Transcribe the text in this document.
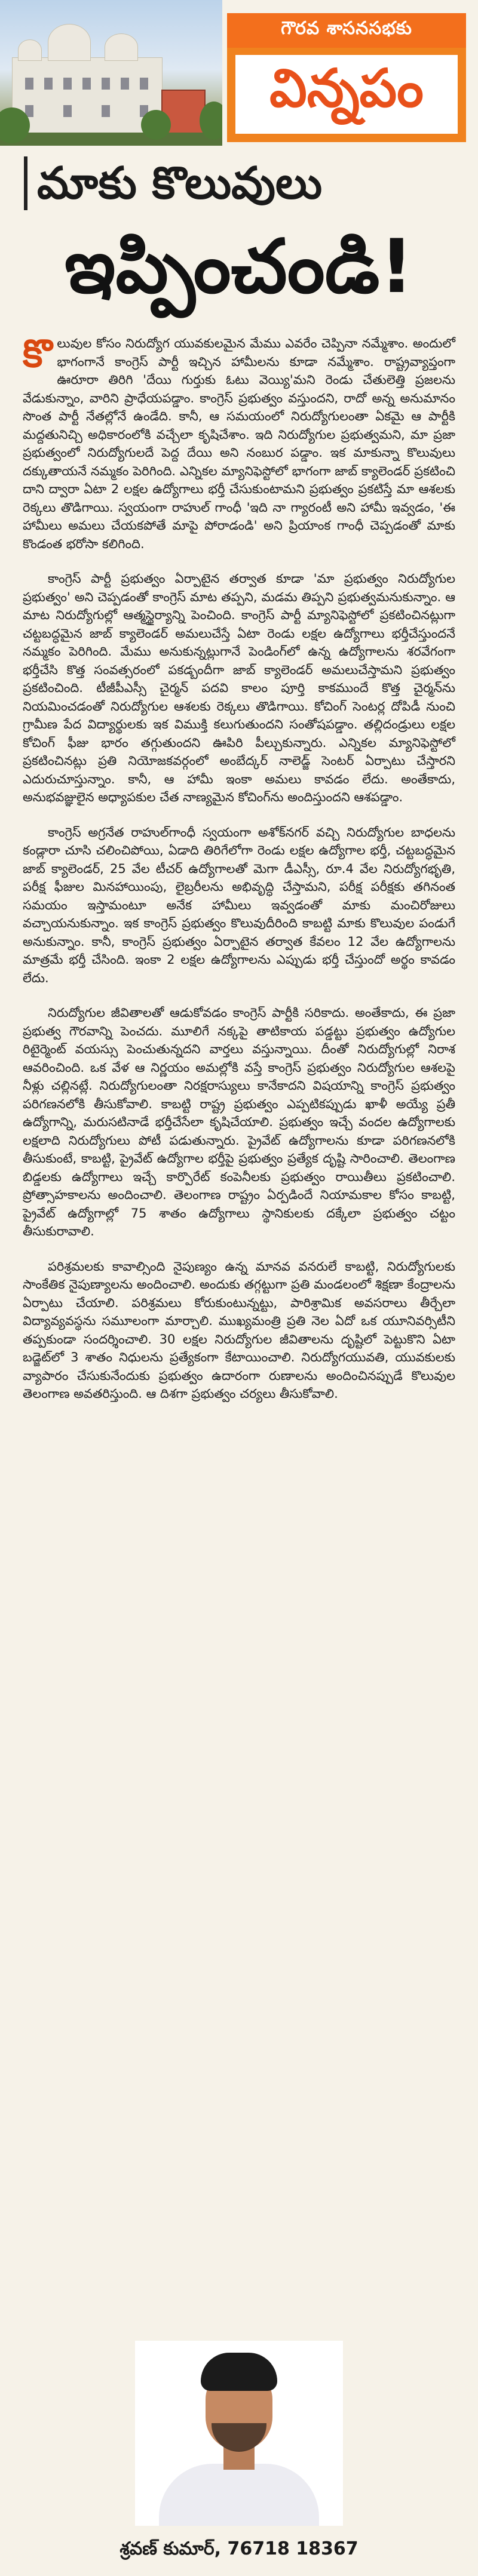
గౌరవ శాసనసభకు
విన్నపం
మాకు కొలువులు
ఇప్పించండి!

కొలువుల కోసం నిరుద్యోగ యువకులమైన మేము ఎవరేం చెప్పినా నమ్మేశాం. అందులో భాగంగానే కాంగ్రెస్ పార్టీ ఇచ్చిన హామీలను కూడా నమ్మేశాం. రాష్ట్రవ్యాప్తంగా ఊరూరా తిరిగి 'దేయి గుర్తుకు ఓటు వెయ్యి'మని రెండు చేతులెత్తి ప్రజలను వేడుకున్నాం, వారిని ప్రాధేయపడ్డాం. కాంగ్రెస్ ప్రభుత్వం వస్తుందని, రాదో అన్న అనుమానం సొంత పార్టీ నేతల్లోనే ఉండేది. కానీ, ఆ సమయంలో నిరుద్యోగులంతా ఏకమై ఆ పార్టీకి మద్దతునిచ్చి అధికారంలోకి వచ్చేలా కృషిచేశాం. ఇది నిరుద్యోగుల ప్రభుత్వమని, మా ప్రజా ప్రభుత్వంలో నిరుద్యోగులదే పెద్ద దేయి అని నంబుర పడ్డాం. ఇక మాకున్నా కొలువులు దక్కుతాయనే నమ్మకం పెరిగింది. ఎన్నికల మ్యానిఫెస్టోలో భాగంగా జాబ్ క్యాలెండర్ ప్రకటించి దాని ద్వారా ఏటా 2 లక్షల ఉద్యోగాలు భర్తీ చేసుకుంటామని ప్రభుత్వం ప్రకటిస్తే మా ఆశలకు రెక్కలు తొడిగాయి. స్వయంగా రాహుల్ గాంధీ 'ఇది నా గ్యారంటీ అని హామీ ఇవ్వడం, 'ఈ హామీలు అమలు చేయకపోతే మాపై పోరాడండి' అని ప్రియాంక గాంధీ చెప్పడంతో మాకు కొండంత భరోసా కలిగింది.

కాంగ్రెస్ పార్టీ ప్రభుత్వం ఏర్పాటైన తర్వాత కూడా 'మా ప్రభుత్వం నిరుద్యోగుల ప్రభుత్వం' అని చెప్పడంతో కాంగ్రెస్ మాట తప్పని, మడమ తిప్పని ప్రభుత్వమనుకున్నాం. ఆ మాట నిరుద్యోగుల్లో ఆత్మస్థైర్యాన్ని పెంచింది. కాంగ్రెస్ పార్టీ మ్యానిఫెస్టోలో ప్రకటించినట్లుగా చట్టబద్ధమైన జాబ్ క్యాలెండర్ అమలుచేస్తే ఏటా రెండు లక్షల ఉద్యోగాలు భర్తీచేస్తుందనే నమ్మకం పెరిగింది. మేము అనుకున్నట్లుగానే పెండింగ్‌లో ఉన్న ఉద్యోగాలను శరవేగంగా భర్తీచేసి కొత్త సంవత్సరంలో పకడ్బందీగా జాబ్ క్యాలెండర్ అమలుచేస్తామని ప్రభుత్వం ప్రకటించింది. టీజీపీఎస్సీ చైర్మన్ పదవి కాలం పూర్తి కాకముందే కొత్త చైర్మన్‌ను నియమించడంతో నిరుద్యోగుల ఆశలకు రెక్కలు తొడిగాయి. కోచింగ్ సెంటర్ల దోపిడీ నుంచి గ్రామీణ పేద విద్యార్థులకు ఇక విముక్తి కలుగుతుందని సంతోషపడ్డాం. తల్లిదండ్రులు లక్షల కోచింగ్ ఫీజు భారం తగ్గుతుందని ఊపిరి పీల్చుకున్నారు. ఎన్నికల మ్యానిఫెస్టోలో ప్రకటించినట్లు ప్రతి నియోజకవర్గంలో అంబేద్కర్ నాలెడ్జ్ సెంటర్ ఏర్పాటు చేస్తారని ఎదురుచూస్తున్నాం. కానీ, ఆ హామీ ఇంకా అమలు కావడం లేదు. అంతేకాదు, అనుభవజ్ఞులైన అధ్యాపకుల చేత నాణ్యమైన కోచింగ్‌ను అందిస్తుందని ఆశపడ్డాం.

కాంగ్రెస్ అగ్రనేత రాహుల్‌గాంధీ స్వయంగా అశోక్‌నగర్ వచ్చి నిరుద్యోగుల బాధలను కండ్లారా చూసి చలించిపోయి, ఏడాది తిరిగేలోగా రెండు లక్షల ఉద్యోగాల భర్తీ, చట్టబద్ధమైన జాబ్ క్యాలెండర్, 25 వేల టీచర్ ఉద్యోగాలతో మెగా డీఎస్సీ, రూ.4 వేల నిరుద్యోగభృతి, పరీక్ష ఫీజుల మినహాయింపు, లైబ్రరీలను అభివృద్ధి చేస్తామని, పరీక్ష పరీక్షకు తగినంత సమయం ఇస్తామంటూ అనేక హామీలు ఇవ్వడంతో మాకు మంచిరోజులు వచ్చాయనుకున్నాం. ఇక కాంగ్రెస్ ప్రభుత్వం కొలువుదీరింది కాబట్టి మాకు కొలువుల పండుగే అనుకున్నాం. కానీ, కాంగ్రెస్ ప్రభుత్వం ఏర్పాటైన తర్వాత కేవలం 12 వేల ఉద్యోగాలను మాత్రమే భర్తీ చేసింది. ఇంకా 2 లక్షల ఉద్యోగాలను ఎప్పుడు భర్తీ చేస్తుందో అర్థం కావడం లేదు.

నిరుద్యోగుల జీవితాలతో ఆడుకోవడం కాంగ్రెస్ పార్టీకి సరికాదు. అంతేకాదు, ఈ ప్రజా ప్రభుత్వ గౌరవాన్ని పెంచదు. మూలిగే నక్కపై తాటికాయ పడ్డట్టు ప్రభుత్వం ఉద్యోగుల రిటైర్మెంట్ వయస్సు పెంచుతున్నదని వార్తలు వస్తున్నాయి. దీంతో నిరుద్యోగుల్లో నిరాశ ఆవరించింది. ఒక వేళ ఆ నిర్ణయం అమల్లోకి వస్తే కాంగ్రెస్ ప్రభుత్వం నిరుద్యోగుల ఆశలపై నీళ్లు చల్లినట్లే. నిరుద్యోగులంతా నిరక్షరాస్యులు కానేకాదని విషయాన్ని కాంగ్రెస్ ప్రభుత్వం పరిగణనలోకి తీసుకోవాలి. కాబట్టి రాష్ట్ర ప్రభుత్వం ఎప్పటికప్పుడు ఖాళీ అయ్యే ప్రతీ ఉద్యోగాన్ని, మరుసటినాడే భర్తీచేసేలా కృషిచేయాలి. ప్రభుత్వం ఇచ్చే వందల ఉద్యోగాలకు లక్షలాది నిరుద్యోగులు పోటీ పడుతున్నారు. ప్రైవేట్ ఉద్యోగాలను కూడా పరిగణనలోకి తీసుకుంటే, కాబట్టి, ప్రైవేట్ ఉద్యోగాల భర్తీపై ప్రభుత్వం ప్రత్యేక దృష్టి సారించాలి. తెలంగాణ బిడ్డలకు ఉద్యోగాలు ఇచ్చే కార్పొరేట్ కంపెనీలకు ప్రభుత్వం రాయితీలు ప్రకటించాలి. ప్రోత్సాహకాలను అందించాలి. తెలంగాణ రాష్ట్రం ఏర్పడిందే నియామకాల కోసం కాబట్టి, ప్రైవేట్ ఉద్యోగాల్లో 75 శాతం ఉద్యోగాలు స్థానికులకు దక్కేలా ప్రభుత్వం చట్టం తీసుకురావాలి.

పరిశ్రమలకు కావాల్సింది నైపుణ్యం ఉన్న మానవ వనరులే కాబట్టి, నిరుద్యోగులకు సాంకేతిక నైపుణ్యాలను అందించాలి. అందుకు తగ్గట్టుగా ప్రతి మండలంలో శిక్షణా కేంద్రాలను ఏర్పాటు చేయాలి. పరిశ్రమలు కోరుకుంటున్నట్టు, పారిశ్రామిక అవసరాలు తీర్చేలా విద్యావ్యవస్థను సమూలంగా మార్చాలి. ముఖ్యమంత్రి ప్రతి నెల ఏదో ఒక యూనివర్సిటీని తప్పకుండా సందర్శించాలి. 30 లక్షల నిరుద్యోగుల జీవితాలను దృష్టిలో పెట్టుకొని ఏటా బడ్జెట్‌లో 3 శాతం నిధులను ప్రత్యేకంగా కేటాయించాలి. నిరుద్యోగయువతి, యువకులకు వ్యాపారం చేసుకునేందుకు ప్రభుత్వం ఉదారంగా రుణాలను అందించినప్పుడే కొలువుల తెలంగాణ అవతరిస్తుంది. ఆ దిశగా ప్రభుత్వం చర్యలు తీసుకోవాలి.

శ్రవణ్ కుమార్, 76718 18367
